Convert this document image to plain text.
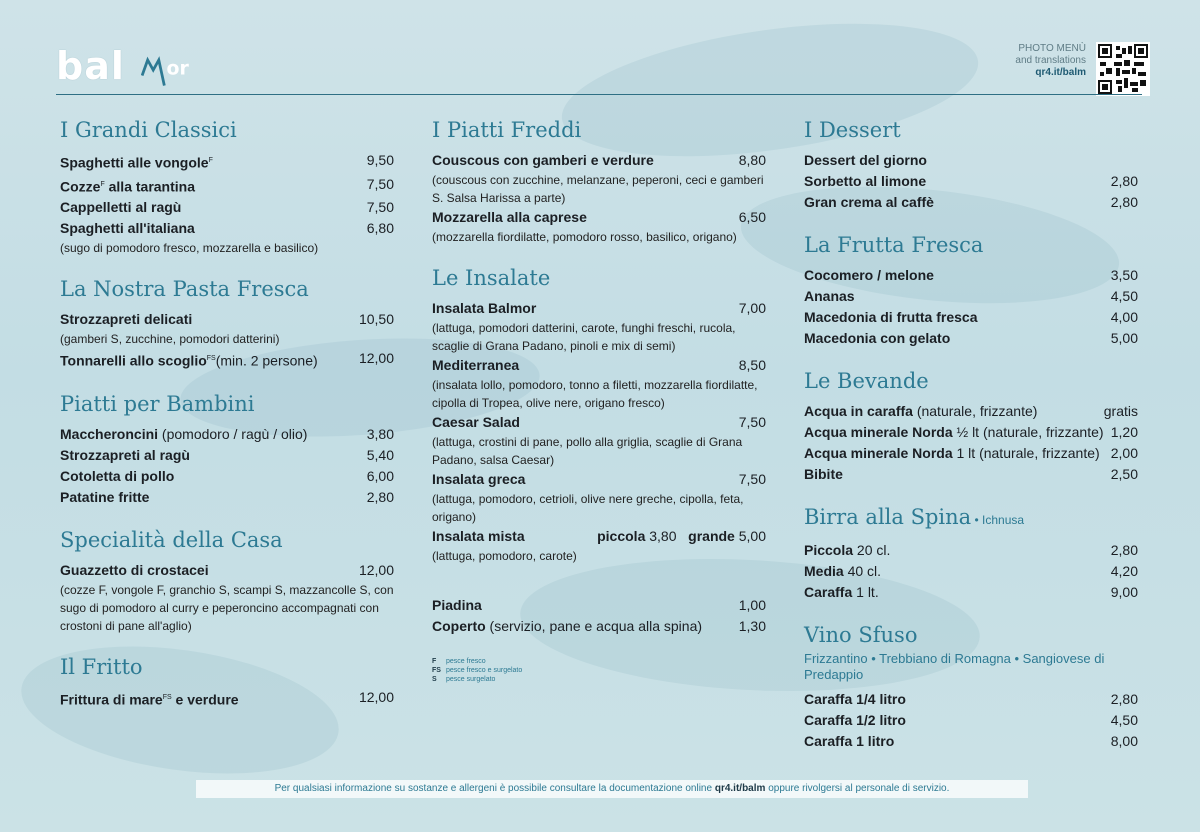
bal or
PHOTO MENÙ
and translations
qr4.it/balm
I Grandi Classici
Spaghetti alle vongole$^F$	9,50
Cozze$^F$ alla tarantina	7,50
Cappelletti al ragù	7,50
Spaghetti all'italiana	6,80
(sugo di pomodoro fresco, mozzarella e basilico)
La Nostra Pasta Fresca
Strozzapreti delicati	10,50
(gamberi S, zucchine, pomodori datterini)
Tonnarelli allo scoglio$^{FS}$(min. 2 persone)	12,00
Piatti per Bambini
Maccheroncini (pomodoro / ragù / olio)	3,80
Strozzapreti al ragù	5,40
Cotoletta di pollo	6,00
Patatine fritte	2,80
Specialità della Casa
Guazzetto di crostacei	12,00
(cozze F, vongole F, granchio S, scampi S, mazzancolle S, con sugo di pomodoro al curry e peperoncino accompagnati con crostoni di pane all'aglio)
Il Fritto
Frittura di mare$^{FS}$ e verdure	12,00
I Piatti Freddi
Couscous con gamberi e verdure	8,80
(couscous con zucchine, melanzane, peperoni, ceci e gamberi S. Salsa Harissa a parte)
Mozzarella alla caprese	6,50
(mozzarella fiordilatte, pomodoro rosso, basilico, origano)
Le Insalate
Insalata Balmor	7,00
(lattuga, pomodori datterini, carote, funghi freschi, rucola, scaglie di Grana Padano, pinoli e mix di semi)
Mediterranea	8,50
(insalata lollo, pomodoro, tonno a filetti, mozzarella fiordilatte, cipolla di Tropea, olive nere, origano fresco)
Caesar Salad	7,50
(lattuga, crostini di pane, pollo alla griglia, scaglie di Grana Padano, salsa Caesar)
Insalata greca	7,50
(lattuga, pomodoro, cetrioli, olive nere greche, cipolla, feta, origano)
Insalata mista	piccola 3,80 grande 5,00
(lattuga, pomodoro, carote)
Piadina	1,00
Coperto (servizio, pane e acqua alla spina)	1,30
F pesce fresco
FS pesce fresco e surgelato
S pesce surgelato
I Dessert
Dessert del giorno
Sorbetto al limone	2,80
Gran crema al caffè	2,80
La Frutta Fresca
Cocomero / melone	3,50
Ananas	4,50
Macedonia di frutta fresca	4,00
Macedonia con gelato	5,00
Le Bevande
Acqua in caraffa (naturale, frizzante)	gratis
Acqua minerale Norda ½ lt (naturale, frizzante) 1,20
Acqua minerale Norda 1 lt (naturale, frizzante) 2,00
Bibite	2,50
Birra alla Spina • Ichnusa
Piccola 20 cl.	2,80
Media 40 cl.	4,20
Caraffa 1 lt.	9,00
Vino Sfuso
Frizzantino • Trebbiano di Romagna • Sangiovese di Predappio
Caraffa 1/4 litro	2,80
Caraffa 1/2 litro	4,50
Caraffa 1 litro	8,00
Per qualsiasi informazione su sostanze e allergeni è possibile consultare la documentazione online qr4.it/balm oppure rivolgersi al personale di servizio.
